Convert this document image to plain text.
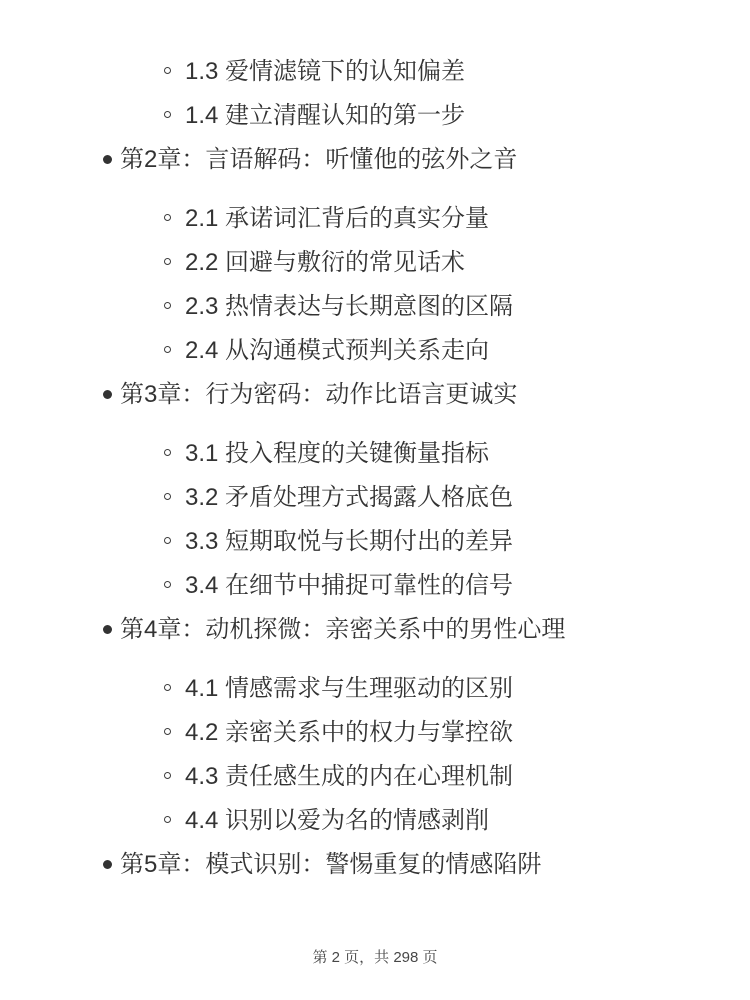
1.3 爱情滤镜下的认知偏差
1.4 建立清醒认知的第一步
第2章：言语解码：听懂他的弦外之音
2.1 承诺词汇背后的真实分量
2.2 回避与敷衍的常见话术
2.3 热情表达与长期意图的区隔
2.4 从沟通模式预判关系走向
第3章：行为密码：动作比语言更诚实
3.1 投入程度的关键衡量指标
3.2 矛盾处理方式揭露人格底色
3.3 短期取悦与长期付出的差异
3.4 在细节中捕捉可靠性的信号
第4章：动机探微：亲密关系中的男性心理
4.1 情感需求与生理驱动的区别
4.2 亲密关系中的权力与掌控欲
4.3 责任感生成的内在心理机制
4.4 识别以爱为名的情感剥削
第5章：模式识别：警惕重复的情感陷阱
第 2 页，共 298 页
